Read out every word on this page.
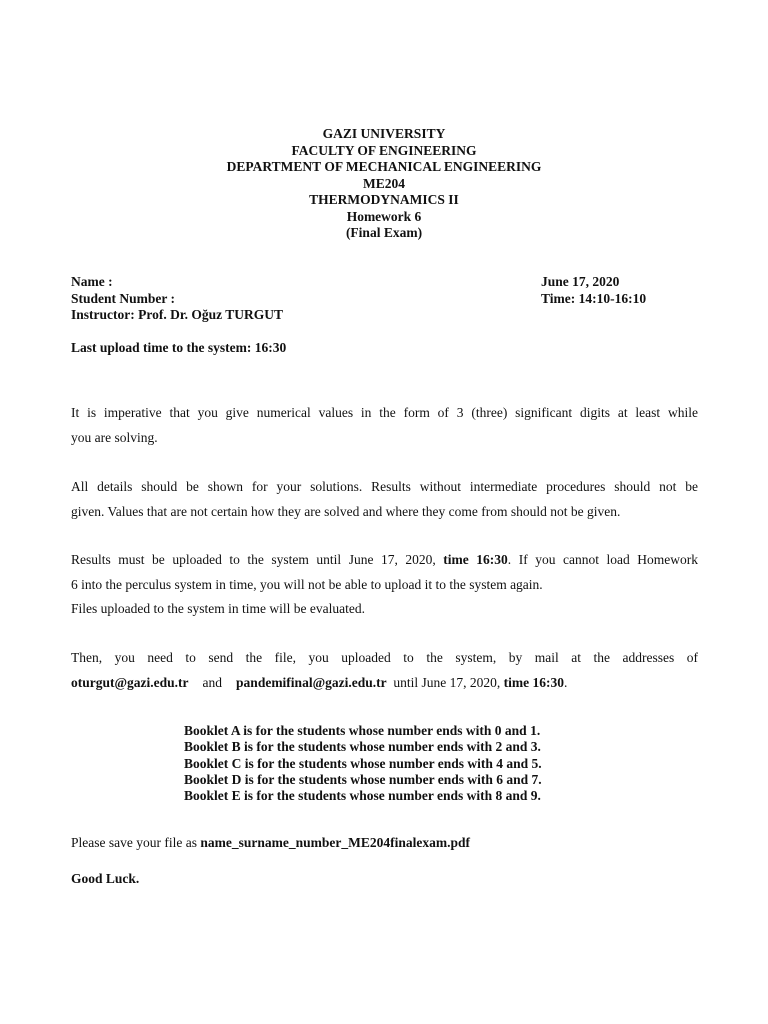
GAZI UNIVERSITY
FACULTY OF ENGINEERING
DEPARTMENT OF MECHANICAL ENGINEERING
ME204
THERMODYNAMICS II
Homework 6
(Final Exam)
Name :	June 17, 2020
Student Number :	Time: 14:10-16:10
Instructor: Prof. Dr. Oğuz TURGUT
Last upload time to the system: 16:30
It is imperative that you give numerical values in the form of 3 (three) significant digits at least while
you are solving.
All details should be shown for your solutions. Results without intermediate procedures should not be
given. Values that are not certain how they are solved and where they come from should not be given.
Results must be uploaded to the system until June 17, 2020, time 16:30. If you cannot load Homework
6 into the perculus system in time, you will not be able to upload it to the system again.
Files uploaded to the system in time will be evaluated.
Then, you need to send the file, you uploaded to the system, by mail at the addresses of
oturgut@gazi.edu.tr and pandemifinal@gazi.edu.tr until June 17, 2020, time 16:30.
Booklet A is for the students whose number ends with 0 and 1.
Booklet B is for the students whose number ends with 2 and 3.
Booklet C is for the students whose number ends with 4 and 5.
Booklet D is for the students whose number ends with 6 and 7.
Booklet E is for the students whose number ends with 8 and 9.
Please save your file as name_surname_number_ME204finalexam.pdf
Good Luck.
